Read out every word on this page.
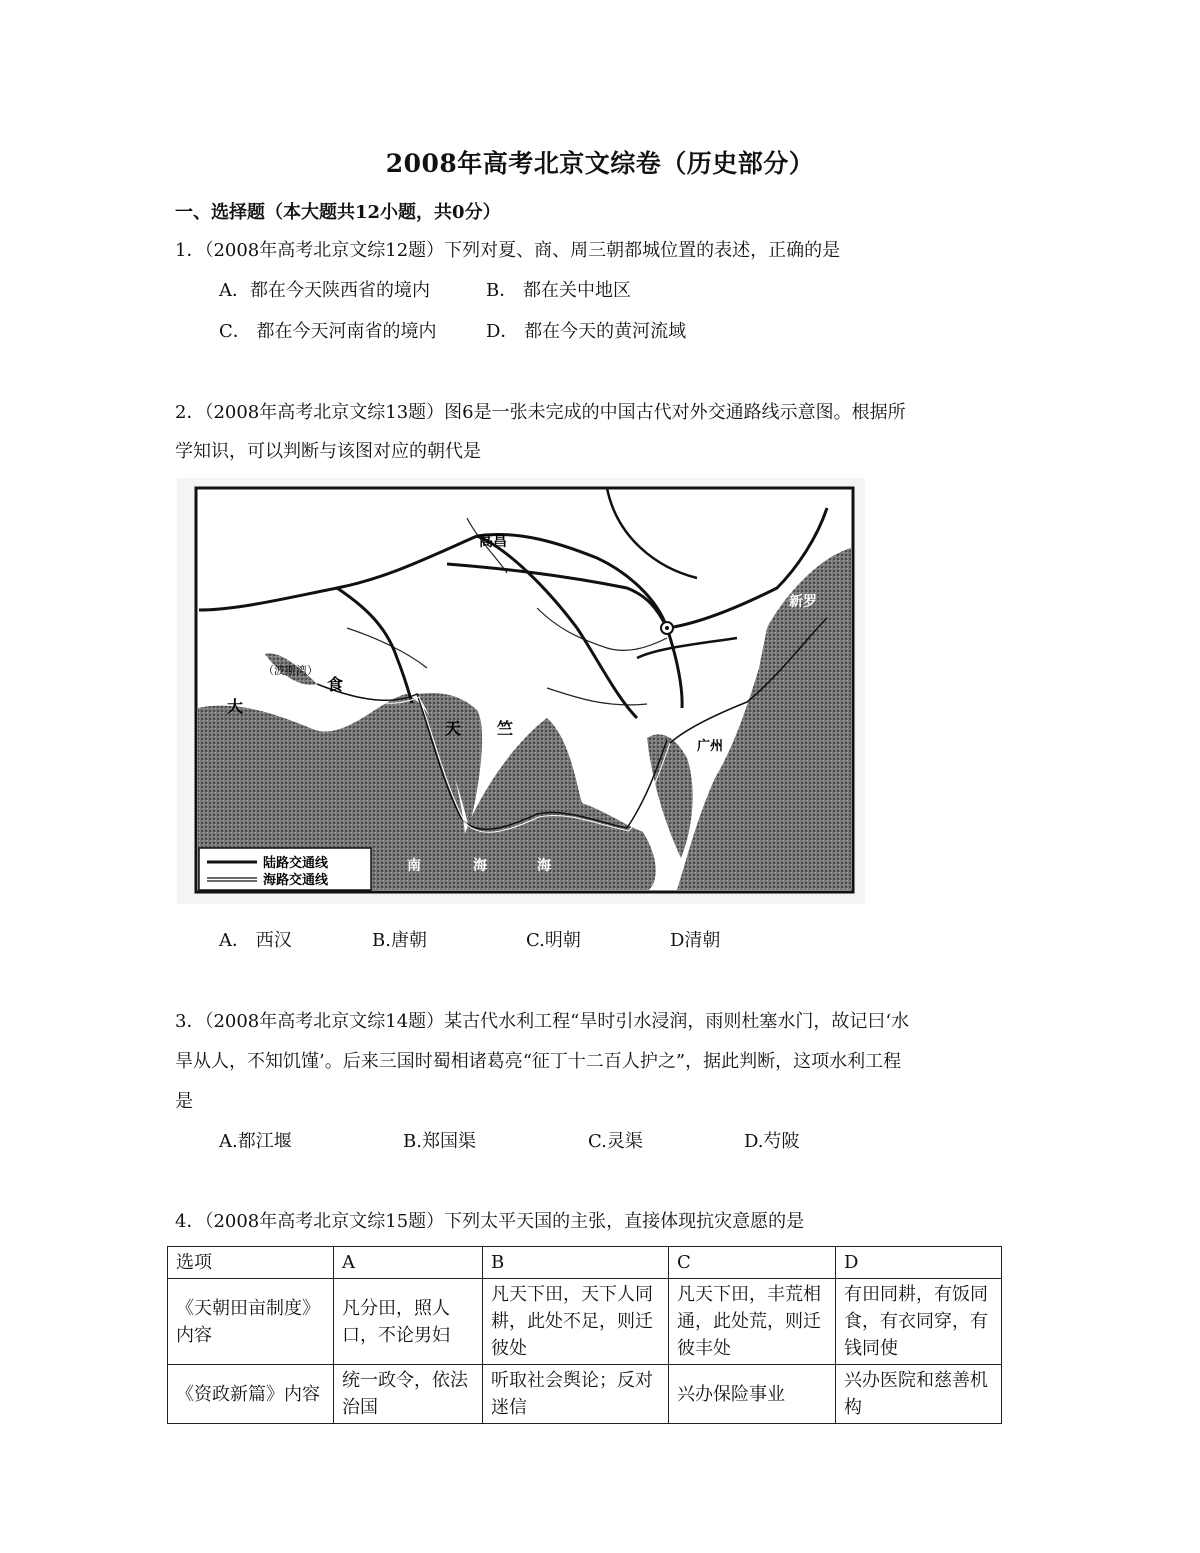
2008年高考北京文综卷（历史部分）
一、选择题（本大题共12小题，共0分）
1．（2008年高考北京文综12题）下列对夏、商、周三朝都城位置的表述，正确的是
A．都在今天陕西省的境内	B． 都在关中地区
C． 都在今天河南省的境内	D． 都在今天的黄河流域
2．（2008年高考北京文综13题）图6是一张未完成的中国古代对外交通路线示意图。根据所
学知识，可以判断与该图对应的朝代是
高昌
渤海
新罗
大
食
（波斯湾）
天 竺
广州
南	海	海
陆路交通线
海路交通线
A． 西汉	B.唐朝	C.明朝	D清朝
3．（2008年高考北京文综14题）某古代水利工程“旱时引水浸润，雨则杜塞水门，故记曰‘水
旱从人，不知饥馑’。后来三国时蜀相诸葛亮“征丁十二百人护之”，据此判断，这项水利工程
是
A.都江堰	B.郑国渠	C.灵渠	D.芍陂
4．（2008年高考北京文综15题）下列太平天国的主张，直接体现抗灾意愿的是
选项	A	B	C	D
《天朝田亩制度》内容	凡分田，照人口，不论男妇	凡天下田，天下人同耕，此处不足，则迁彼处	凡天下田，丰荒相通，此处荒，则迁彼丰处	有田同耕，有饭同食，有衣同穿，有钱同使
《资政新篇》内容	统一政令，依法治国	听取社会舆论；反对迷信	兴办保险事业	兴办医院和慈善机构
